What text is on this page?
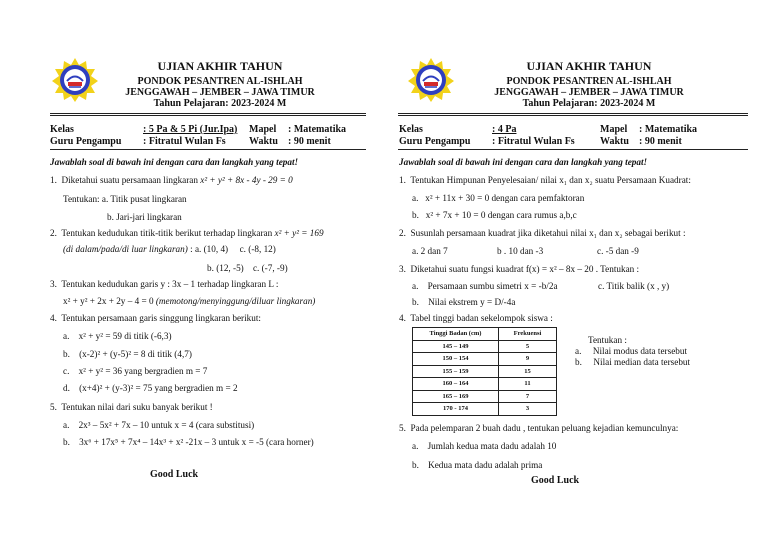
UJIAN AKHIR TAHUN
PONDOK PESANTREN AL-ISHLAH
JENGGAWAH – JEMBER – JAWA TIMUR
Tahun Pelajaran: 2023-2024 M
Kelas	: 5 Pa & 5 Pi (Jur.Ipa) Mapel : Matematika
Guru Pengampu : Fitratul Wulan Fs Waktu : 90 menit
Jawablah soal di bawah ini dengan cara dan langkah yang tepat!
1. Diketahui suatu persamaan lingkaran x² + y² + 8x - 4y - 29 = 0
Tentukan: a. Titik pusat lingkaran
b. Jari-jari lingkaran
2. Tentukan kedudukan titik-titik berikut terhadap lingkaran x² + y² = 169
(di dalam/pada/di luar lingkaran) : a. (10, 4) c. (-8, 12)
b. (12, -5) c. (-7, -9)
3. Tentukan kedudukan garis y : 3x – 1 terhadap lingkaran L :
x² + y² + 2x + 2y – 4 = 0 (memotong/menyinggung/diluar lingkaran)
4. Tentukan persamaan garis singgung lingkaran berikut:
a. x² + y² = 59 di titik (-6,3)
b. (x-2)² + (y-5)² = 8 di titik (4,7)
c. x² + y² = 36 yang bergradien m = 7
d. (x+4)² + (y-3)² = 75 yang bergradien m = 2
5. Tentukan nilai dari suku banyak berikut !
a. 2x³ – 5x² + 7x – 10 untuk x = 4 (cara substitusi)
b. 3x⁶ + 17x⁵ + 7x⁴ – 14x³ + x² -21x – 3 untuk x = -5 (cara horner)
Good Luck
UJIAN AKHIR TAHUN
PONDOK PESANTREN AL-ISHLAH
JENGGAWAH – JEMBER – JAWA TIMUR
Tahun Pelajaran: 2023-2024 M
Kelas	: 4 Pa	Mapel : Matematika
Guru Pengampu : Fitratul Wulan Fs	Waktu : 90 menit
Jawablah soal di bawah ini dengan cara dan langkah yang tepat!
1. Tentukan Himpunan Penyelesaian/ nilai x₁ dan x₂ suatu Persamaan Kuadrat:
a. x² + 11x + 30 = 0 dengan cara pemfaktoran
b. x² + 7x + 10 = 0 dengan cara rumus a,b,c
2. Susunlah persamaan kuadrat jika diketahui nilai x₁ dan x₂ sebagai berikut :
a. 2 dan 7	b . 10 dan -3	c. -5 dan -9
3. Diketahui suatu fungsi kuadrat f(x) = x² – 8x – 20 . Tentukan :
a. Persamaan sumbu simetri x = -b/2a	c. Titik balik (x , y)
b. Nilai ekstrem y = D/-4a
4. Tabel tinggi badan sekelompok siswa :
Tinggi Badan (cm)	Frekuensi
145 – 149	5
150 – 154	9
155 – 159	15
160 – 164	11
165 – 169	7
170 - 174	3
Tentukan :
a. Nilai modus data tersebut
b. Nilai median data tersebut
5. Pada pelemparan 2 buah dadu , tentukan peluang kejadian kemunculnya:
a. Jumlah kedua mata dadu adalah 10
b. Kedua mata dadu adalah prima
Good Luck
